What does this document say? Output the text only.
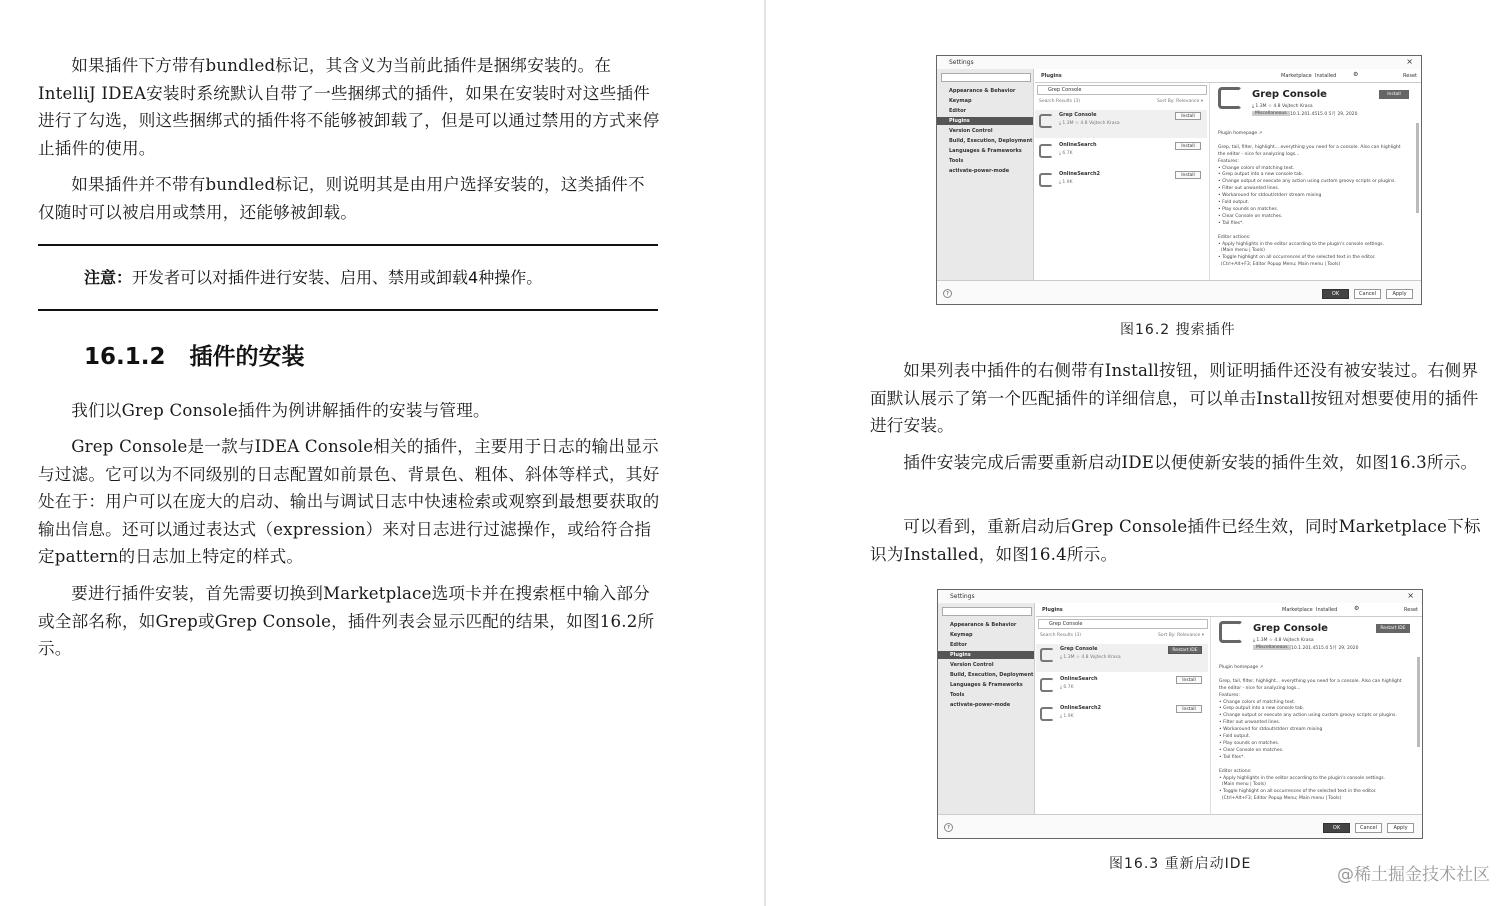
如果插件下方带有bundled标记，其含义为当前此插件是捆绑安装的。在IntelliJ IDEA安装时系统默认自带了一些捆绑式的插件，如果在安装时对这些插件进行了勾选，则这些捆绑式的插件将不能够被卸载了，但是可以通过禁用的方式来停止插件的使用。

如果插件并不带有bundled标记，则说明其是由用户选择安装的，这类插件不仅随时可以被启用或禁用，还能够被卸载。

注意：开发者可以对插件进行安装、启用、禁用或卸载4种操作。
16.1.2 插件的安装

我们以Grep Console插件为例讲解插件的安装与管理。

Grep Console是一款与IDEA Console相关的插件，主要用于日志的输出显示与过滤。它可以为不同级别的日志配置如前景色、背景色、粗体、斜体等样式，其好处在于：用户可以在庞大的启动、输出与调试日志中快速检索或观察到最想要获取的输出信息。还可以通过表达式（expression）来对日志进行过滤操作，或给符合指定pattern的日志加上特定的样式。

要进行插件安装，首先需要切换到Marketplace选项卡并在搜索框中输入部分或全部名称，如Grep或Grep Console，插件列表会显示匹配的结果，如图16.2所示。

Settings	×
Appearance & Behavior
Keymap
Editor
Plugins
Version Control
Build, Execution, Deployment
Languages & Frameworks
Tools
activate-power-mode
Plugins	Marketplace Installed	⚙	Reset
Grep Console
Search Results (3)	Sort By: Relevance ▾
Grep Console
⤓ 1.3M ☆ 4.8 Vojtech Krasa
Install
OnlineSearch
⤓ 6.7K
Install
OnlineSearch2
⤓ 1.9K
Install
Grep Console	Install
⤓ 1.3M ☆ 4.8 Vojtech Krasa
Miscellaneous 10.1.201.4515.0 5月 29, 2020
Plugin homepage ↗

Grep, tail, filter, highlight... everything you need for a console. Also can highlight
the editor - nice for analyzing logs...
Features:
• Change colors of matching text.
• Grep output into a new console tab.
• Change output or execute any action using custom groovy scripts or plugins.
• Filter out unwanted lines.
• Workaround for stdout/stderr stream mixing
• Fold output.
• Play sounds on matches.
• Clear Console on matches.
• Tail files*.

Editor actions:
• Apply highlights in the editor according to the plugin's console settings.
(Main menu | Tools)
• Toggle highlight on all occurrences of the selected text in the editor.
(Ctrl+Alt+F3; Editor Popup Menu; Main menu | Tools)
?	OK	Cancel	Apply
图16.2 搜索插件

如果列表中插件的右侧带有Install按钮，则证明插件还没有被安装过。右侧界面默认展示了第一个匹配插件的详细信息，可以单击Install按钮对想要使用的插件进行安装。

插件安装完成后需要重新启动IDE以便使新安装的插件生效，如图16.3所示。

可以看到，重新启动后Grep Console插件已经生效，同时Marketplace下标识为Installed，如图16.4所示。

Settings	×
Appearance & Behavior
Keymap
Editor
Plugins
Version Control
Build, Execution, Deployment
Languages & Frameworks
Tools
activate-power-mode
Plugins	Marketplace Installed	⚙	Reset
Grep Console
Search Results (3)	Sort By: Relevance ▾
Grep Console
⤓ 1.3M ☆ 4.8 Vojtech Krasa
Restart IDE
OnlineSearch
⤓ 6.7K
Install
OnlineSearch2
⤓ 1.9K
Install
Grep Console	Restart IDE
⤓ 1.3M ☆ 4.8 Vojtech Krasa
Miscellaneous 10.1.201.4515.0 5月 29, 2020
Plugin homepage ↗

Grep, tail, filter, highlight... everything you need for a console. Also can highlight
the editor - nice for analyzing logs...
Features:
• Change colors of matching text.
• Grep output into a new console tab.
• Change output or execute any action using custom groovy scripts or plugins.
• Filter out unwanted lines.
• Workaround for stdout/stderr stream mixing
• Fold output.
• Play sounds on matches.
• Clear Console on matches.
• Tail files*.

Editor actions:
• Apply highlights in the editor according to the plugin's console settings.
(Main menu | Tools)
• Toggle highlight on all occurrences of the selected text in the editor.
(Ctrl+Alt+F3; Editor Popup Menu; Main menu | Tools)
?	OK	Cancel	Apply
图16.3 重新启动IDE
@稀土掘金技术社区
